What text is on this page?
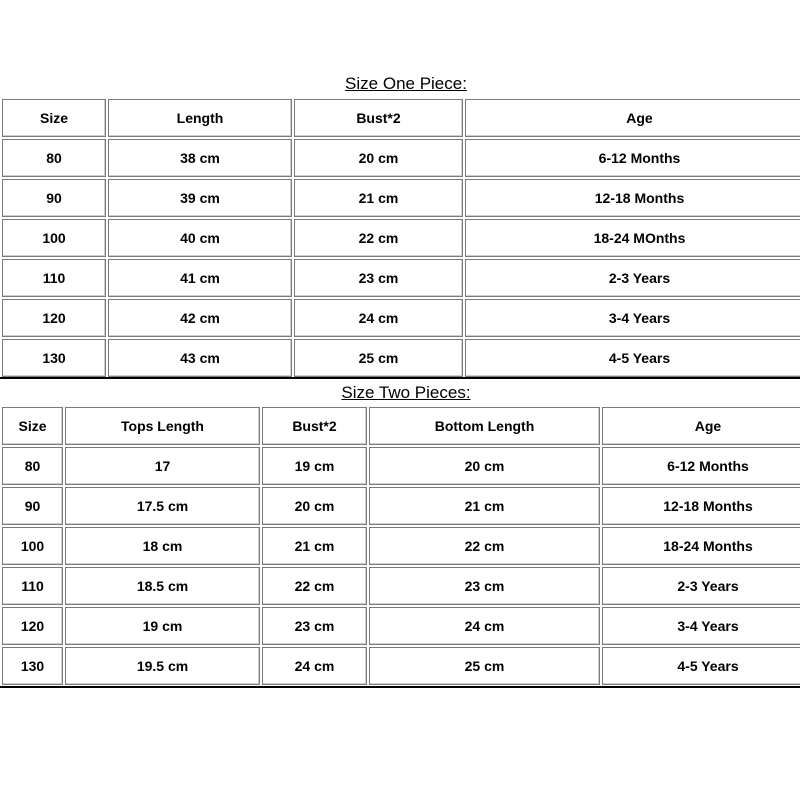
Size One Piece:
Size	Length	Bust*2	Age
80	38 cm	20 cm	6-12 Months
90	39 cm	21 cm	12-18 Months
100	40 cm	22 cm	18-24 MOnths
110	41 cm	23 cm	2-3 Years
120	42 cm	24 cm	3-4 Years
130	43 cm	25 cm	4-5 Years
Size Two Pieces:
Size	Tops Length	Bust*2	Bottom Length	Age
80	17	19 cm	20 cm	6-12 Months
90	17.5 cm	20 cm	21 cm	12-18 Months
100	18 cm	21 cm	22 cm	18-24 Months
110	18.5 cm	22 cm	23 cm	2-3 Years
120	19 cm	23 cm	24 cm	3-4 Years
130	19.5 cm	24 cm	25 cm	4-5 Years
